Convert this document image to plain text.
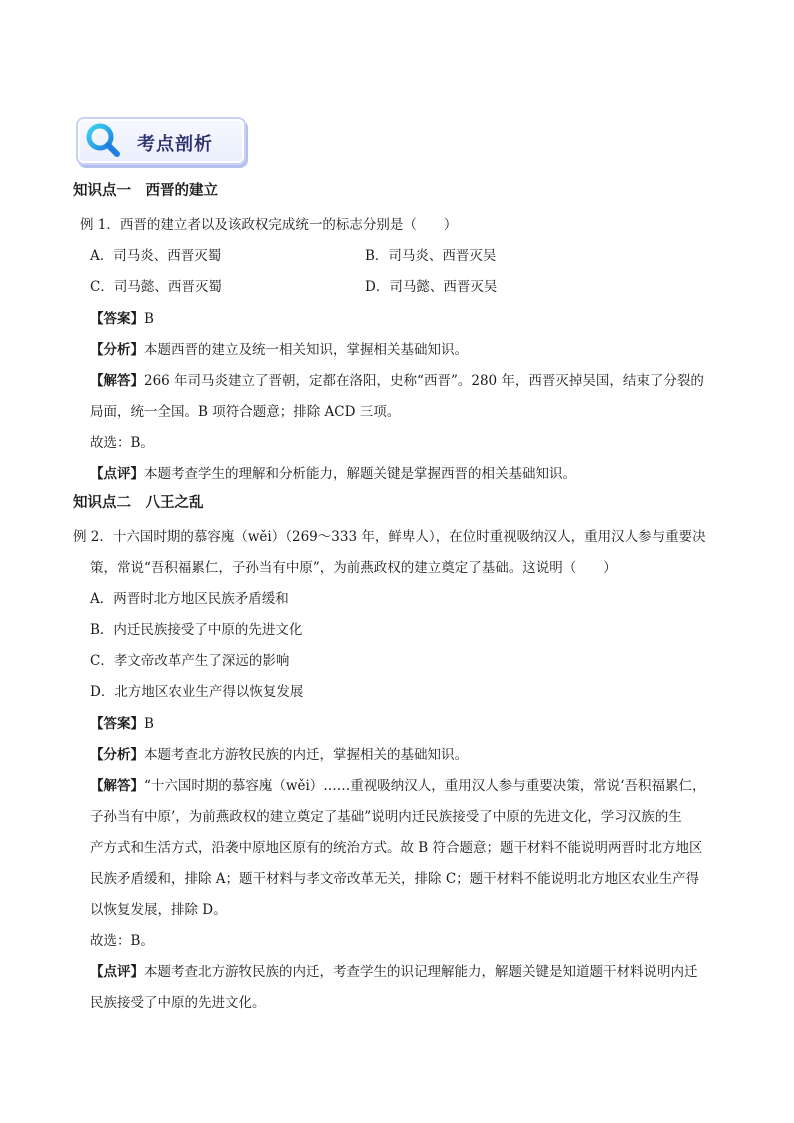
考点剖析
知识点一　西晋的建立
例 1．西晋的建立者以及该政权完成统一的标志分别是（　　）
A．司马炎、西晋灭蜀	B．司马炎、西晋灭吴
C．司马懿、西晋灭蜀	D．司马懿、西晋灭吴
【答案】B
【分析】本题西晋的建立及统一相关知识，掌握相关基础知识。
【解答】266 年司马炎建立了晋朝，定都在洛阳，史称“西晋”。280 年，西晋灭掉吴国，结束了分裂的
局面，统一全国。B 项符合题意；排除 ACD 三项。
故选：B。
【点评】本题考查学生的理解和分析能力，解题关键是掌握西晋的相关基础知识。
知识点二　八王之乱
例 2．十六国时期的慕容廆（wěi）（269～333 年，鲜卑人），在位时重视吸纳汉人，重用汉人参与重要决
策，常说“吾积福累仁，子孙当有中原”，为前燕政权的建立奠定了基础。这说明（　　）
A．两晋时北方地区民族矛盾缓和
B．内迁民族接受了中原的先进文化
C．孝文帝改革产生了深远的影响
D．北方地区农业生产得以恢复发展
【答案】B
【分析】本题考查北方游牧民族的内迁，掌握相关的基础知识。
【解答】“十六国时期的慕容廆（wěi）……重视吸纳汉人，重用汉人参与重要决策，常说‘吾积福累仁，
子孙当有中原’，为前燕政权的建立奠定了基础”说明内迁民族接受了中原的先进文化，学习汉族的生
产方式和生活方式，沿袭中原地区原有的统治方式。故 B 符合题意；题干材料不能说明两晋时北方地区
民族矛盾缓和，排除 A；题干材料与孝文帝改革无关，排除 C；题干材料不能说明北方地区农业生产得
以恢复发展，排除 D。
故选：B。
【点评】本题考查北方游牧民族的内迁，考查学生的识记理解能力，解题关键是知道题干材料说明内迁
民族接受了中原的先进文化。
